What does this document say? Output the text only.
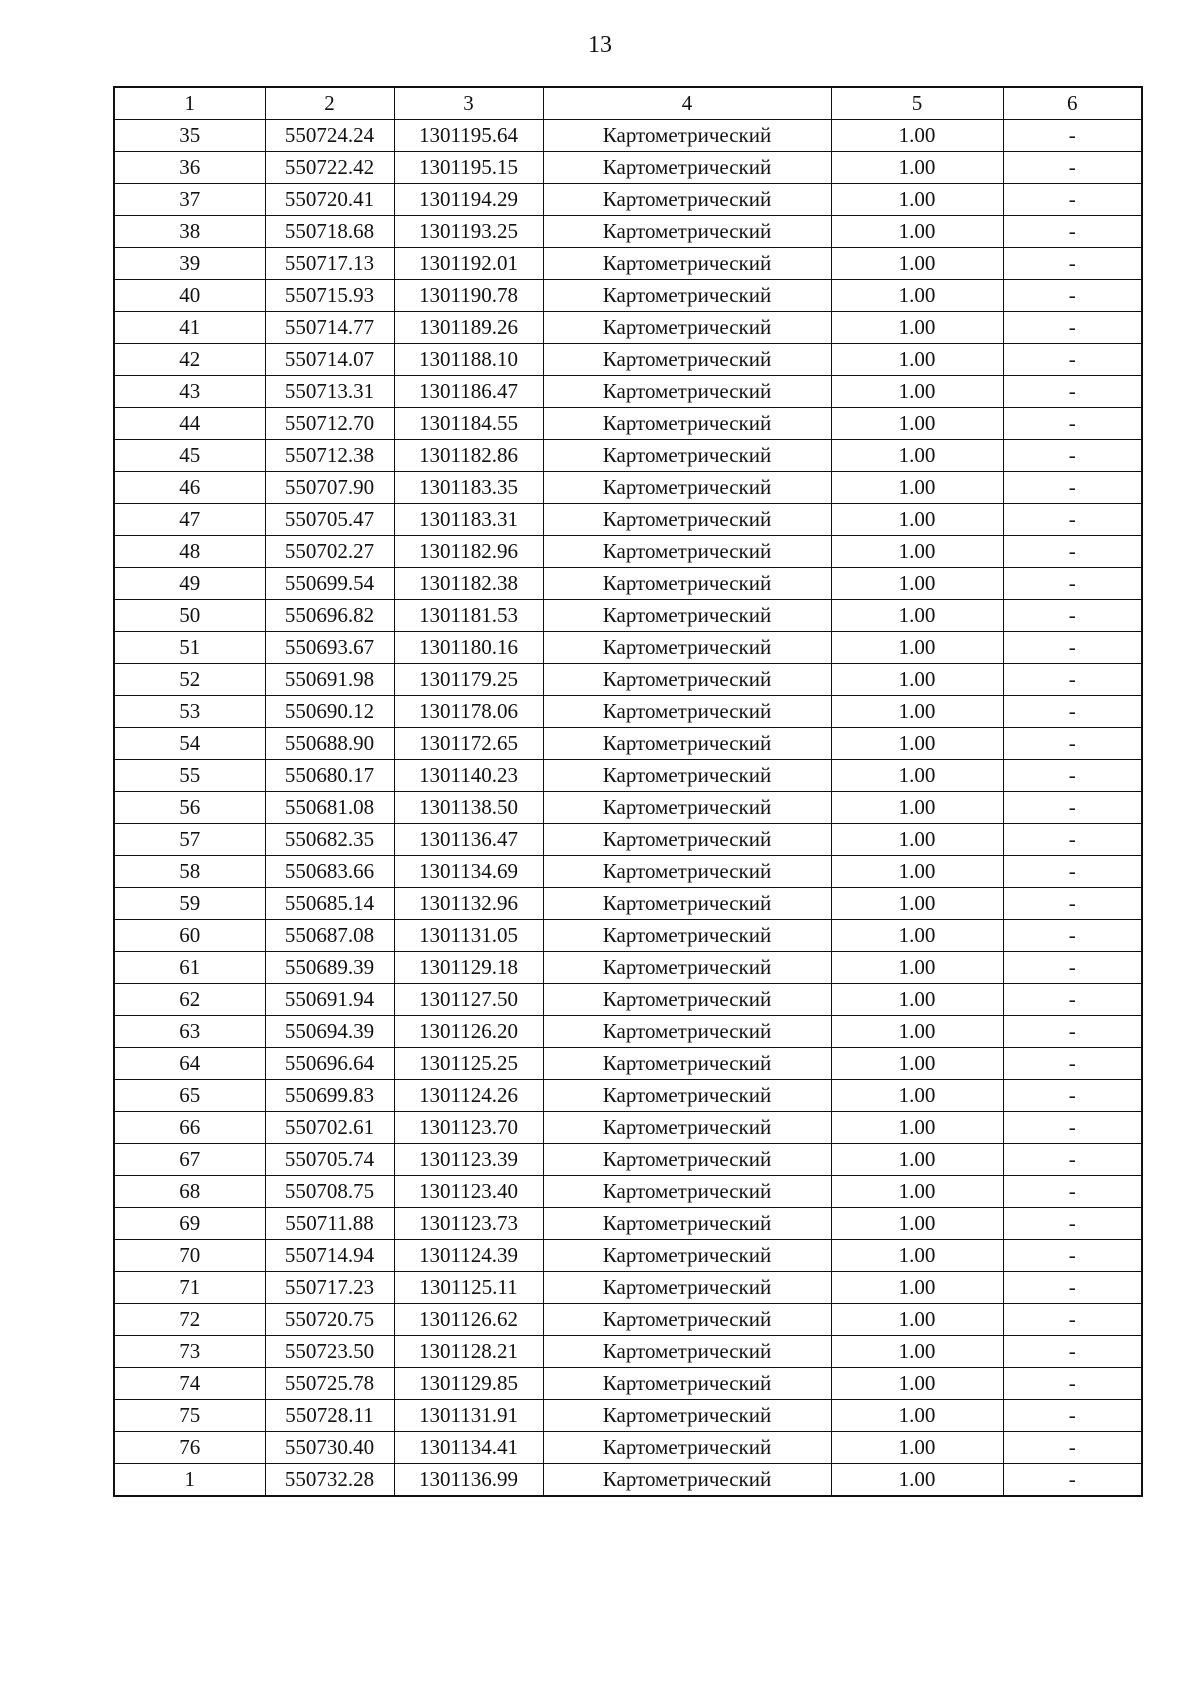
13
1	2	3	4	5	6
35	550724.24	1301195.64	Картометрический	1.00	-
36	550722.42	1301195.15	Картометрический	1.00	-
37	550720.41	1301194.29	Картометрический	1.00	-
38	550718.68	1301193.25	Картометрический	1.00	-
39	550717.13	1301192.01	Картометрический	1.00	-
40	550715.93	1301190.78	Картометрический	1.00	-
41	550714.77	1301189.26	Картометрический	1.00	-
42	550714.07	1301188.10	Картометрический	1.00	-
43	550713.31	1301186.47	Картометрический	1.00	-
44	550712.70	1301184.55	Картометрический	1.00	-
45	550712.38	1301182.86	Картометрический	1.00	-
46	550707.90	1301183.35	Картометрический	1.00	-
47	550705.47	1301183.31	Картометрический	1.00	-
48	550702.27	1301182.96	Картометрический	1.00	-
49	550699.54	1301182.38	Картометрический	1.00	-
50	550696.82	1301181.53	Картометрический	1.00	-
51	550693.67	1301180.16	Картометрический	1.00	-
52	550691.98	1301179.25	Картометрический	1.00	-
53	550690.12	1301178.06	Картометрический	1.00	-
54	550688.90	1301172.65	Картометрический	1.00	-
55	550680.17	1301140.23	Картометрический	1.00	-
56	550681.08	1301138.50	Картометрический	1.00	-
57	550682.35	1301136.47	Картометрический	1.00	-
58	550683.66	1301134.69	Картометрический	1.00	-
59	550685.14	1301132.96	Картометрический	1.00	-
60	550687.08	1301131.05	Картометрический	1.00	-
61	550689.39	1301129.18	Картометрический	1.00	-
62	550691.94	1301127.50	Картометрический	1.00	-
63	550694.39	1301126.20	Картометрический	1.00	-
64	550696.64	1301125.25	Картометрический	1.00	-
65	550699.83	1301124.26	Картометрический	1.00	-
66	550702.61	1301123.70	Картометрический	1.00	-
67	550705.74	1301123.39	Картометрический	1.00	-
68	550708.75	1301123.40	Картометрический	1.00	-
69	550711.88	1301123.73	Картометрический	1.00	-
70	550714.94	1301124.39	Картометрический	1.00	-
71	550717.23	1301125.11	Картометрический	1.00	-
72	550720.75	1301126.62	Картометрический	1.00	-
73	550723.50	1301128.21	Картометрический	1.00	-
74	550725.78	1301129.85	Картометрический	1.00	-
75	550728.11	1301131.91	Картометрический	1.00	-
76	550730.40	1301134.41	Картометрический	1.00	-
1	550732.28	1301136.99	Картометрический	1.00	-
